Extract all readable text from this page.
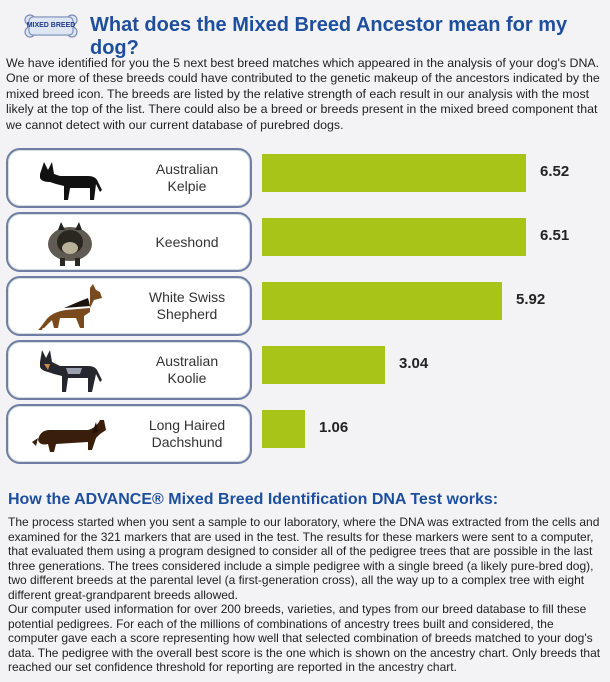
MIXED BREED What does the Mixed Breed Ancestor mean for my dog?
We have identified for you the 5 next best breed matches which appeared in the analysis of your dog's DNA. One or more of these breeds could have contributed to the genetic makeup of the ancestors indicated by the mixed breed icon. The breeds are listed by the relative strength of each result in our analysis with the most likely at the top of the list. There could also be a breed or breeds present in the mixed breed component that we cannot detect with our current database of purebred dogs.
Australian
Kelpie
6.52
Keeshond	6.51
White Swiss
Shepherd
5.92
Australian
Koolie
3.04
Long Haired
Dachshund
1.06
How the ADVANCE® Mixed Breed Identification DNA Test works:
The process started when you sent a sample to our laboratory, where the DNA was extracted from the cells and examined for the 321 markers that are used in the test. The results for these markers were sent to a computer, that evaluated them using a program designed to consider all of the pedigree trees that are possible in the last three generations. The trees considered include a simple pedigree with a single breed (a likely pure-bred dog), two different breeds at the parental level (a first-generation cross), all the way up to a complex tree with eight different great-grandparent breeds allowed.
Our computer used information for over 200 breeds, varieties, and types from our breed database to fill these potential pedigrees. For each of the millions of combinations of ancestry trees built and considered, the computer gave each a score representing how well that selected combination of breeds matched to your dog's data. The pedigree with the overall best score is the one which is shown on the ancestry chart. Only breeds that reached our set confidence threshold for reporting are reported in the ancestry chart.
